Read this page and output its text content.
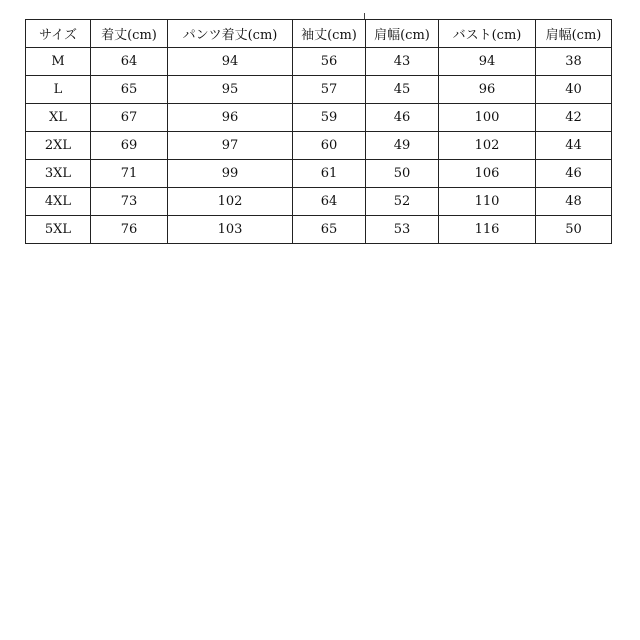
サイズ	着丈(cm)	パンツ着丈(cm)	袖丈(cm)	肩幅(cm)	バスト(cm)	肩幅(cm)
M	64	94	56	43	94	38
L	65	95	57	45	96	40
XL	67	96	59	46	100	42
2XL	69	97	60	49	102	44
3XL	71	99	61	50	106	46
4XL	73	102	64	52	110	48
5XL	76	103	65	53	116	50
